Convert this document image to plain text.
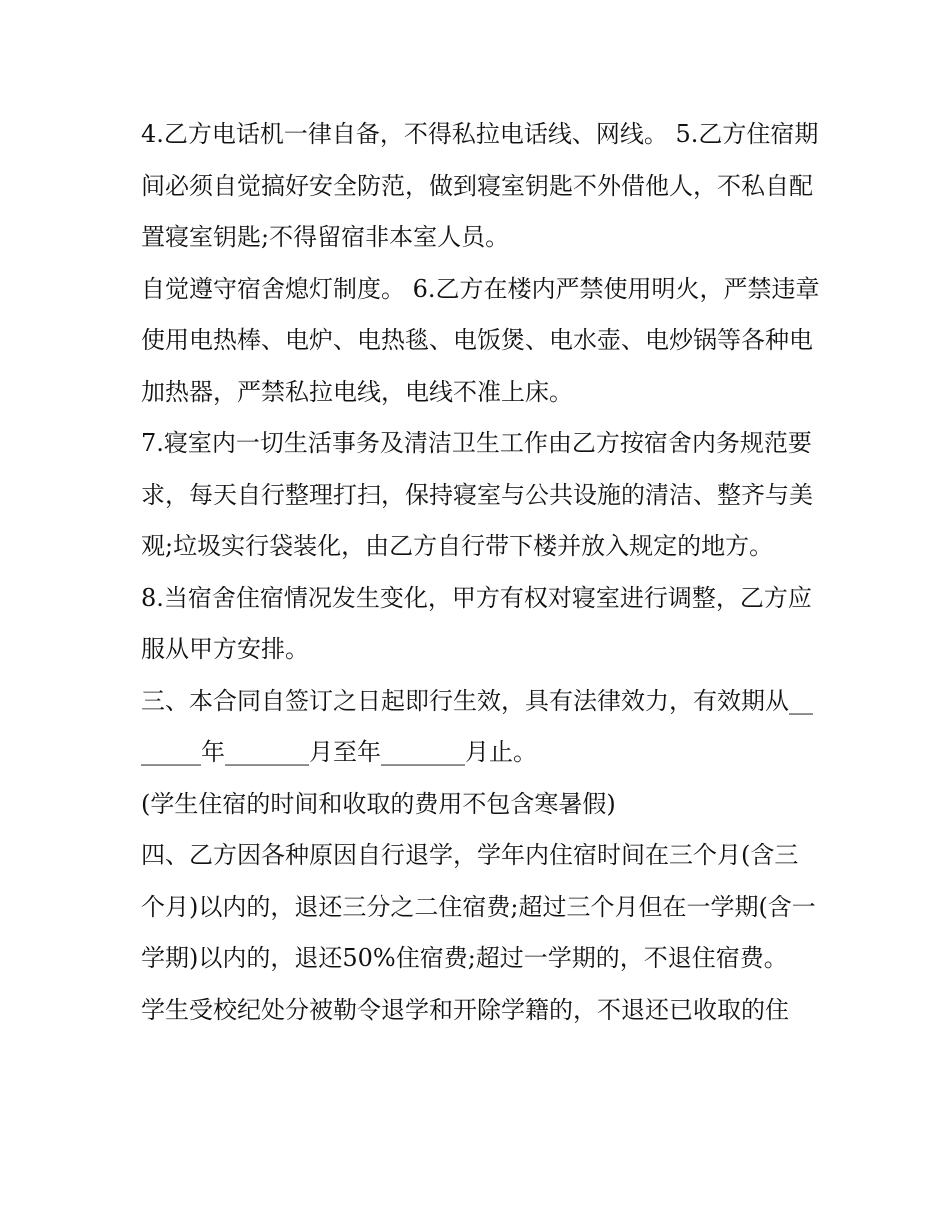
4.乙方电话机一律自备，不得私拉电话线、网线。 5.乙方住宿期间必须自觉搞好安全防范，做到寝室钥匙不外借他人，不私自配置寝室钥匙;不得留宿非本室人员。

自觉遵守宿舍熄灯制度。 6.乙方在楼内严禁使用明火，严禁违章使用电热棒、电炉、电热毯、电饭煲、电水壶、电炒锅等各种电加热器，严禁私拉电线，电线不准上床。

7.寝室内一切生活事务及清洁卫生工作由乙方按宿舍内务规范要求，每天自行整理打扫，保持寝室与公共设施的清洁、整齐与美观;垃圾实行袋装化，由乙方自行带下楼并放入规定的地方。

8.当宿舍住宿情况发生变化，甲方有权对寝室进行调整，乙方应服从甲方安排。

三、本合同自签订之日起即行生效，具有法律效力，有效期从_______年_______月至年_______月止。

(学生住宿的时间和收取的费用不包含寒暑假)

四、乙方因各种原因自行退学，学年内住宿时间在三个月(含三个月)以内的，退还三分之二住宿费;超过三个月但在一学期(含一学期)以内的，退还50%住宿费;超过一学期的，不退住宿费。

学生受校纪处分被勒令退学和开除学籍的，不退还已收取的住
